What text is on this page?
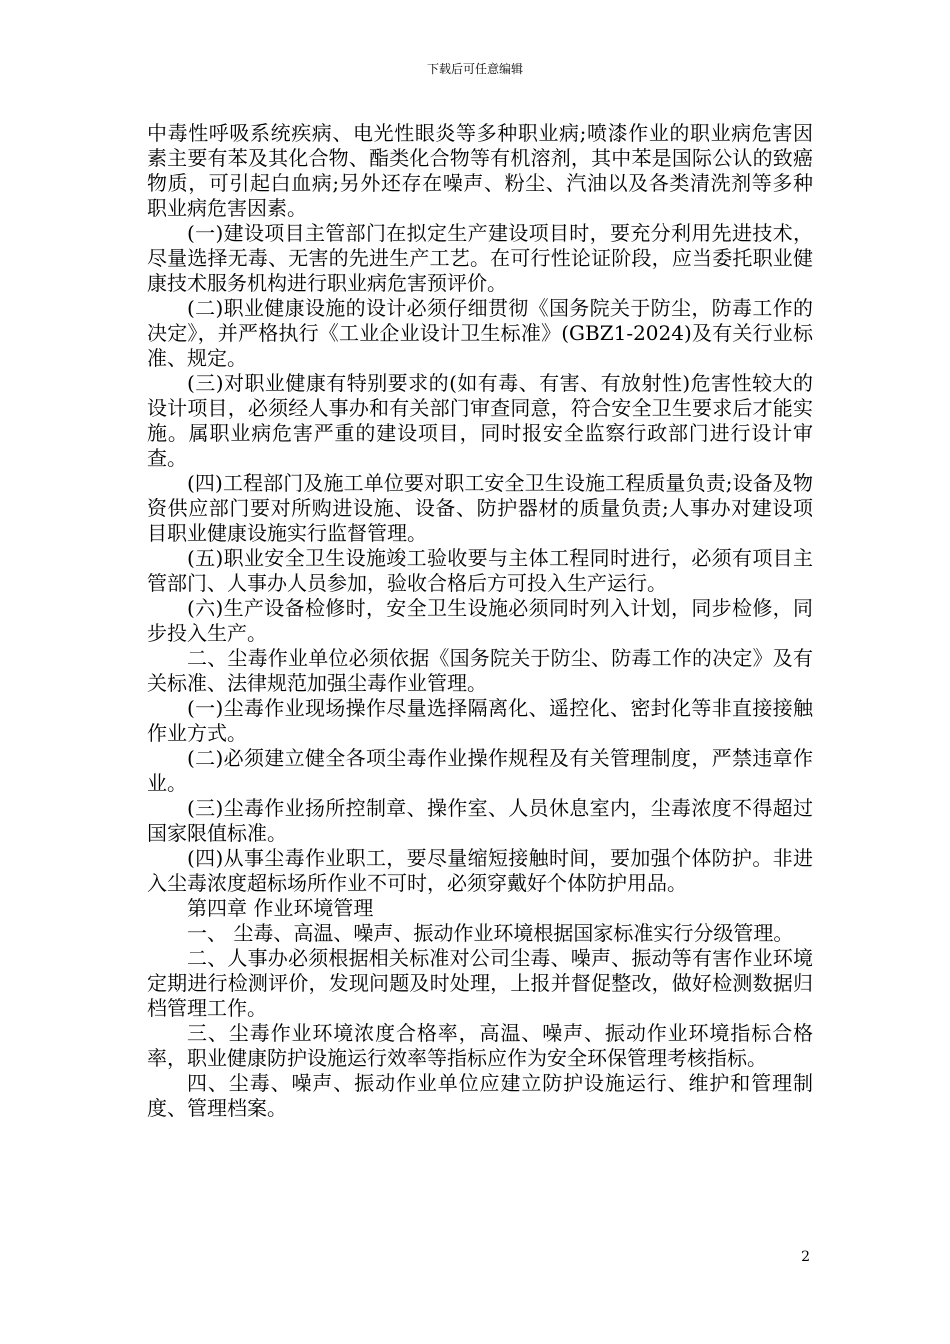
下载后可任意编辑

中毒性呼吸系统疾病、电光性眼炎等多种职业病;喷漆作业的职业病危害因素主要有苯及其化合物、酯类化合物等有机溶剂，其中苯是国际公认的致癌物质，可引起白血病;另外还存在噪声、粉尘、汽油以及各类清洗剂等多种职业病危害因素。

(一)建设项目主管部门在拟定生产建设项目时，要充分利用先进技术，尽量选择无毒、无害的先进生产工艺。在可行性论证阶段，应当委托职业健康技术服务机构进行职业病危害预评价。

(二)职业健康设施的设计必须仔细贯彻《国务院关于防尘，防毒工作的决定》，并严格执行《工业企业设计卫生标准》(GBZ1-2024)及有关行业标准、规定。

(三)对职业健康有特别要求的(如有毒、有害、有放射性)危害性较大的设计项目，必须经人事办和有关部门审查同意，符合安全卫生要求后才能实施。属职业病危害严重的建设项目，同时报安全监察行政部门进行设计审查。

(四)工程部门及施工单位要对职工安全卫生设施工程质量负责;设备及物资供应部门要对所购进设施、设备、防护器材的质量负责;人事办对建设项目职业健康设施实行监督管理。

(五)职业安全卫生设施竣工验收要与主体工程同时进行，必须有项目主管部门、人事办人员参加，验收合格后方可投入生产运行。

(六)生产设备检修时，安全卫生设施必须同时列入计划，同步检修，同步投入生产。

二、尘毒作业单位必须依据《国务院关于防尘、防毒工作的决定》及有关标准、法律规范加强尘毒作业管理。

(一)尘毒作业现场操作尽量选择隔离化、遥控化、密封化等非直接接触作业方式。

(二)必须建立健全各项尘毒作业操作规程及有关管理制度，严禁违章作业。

(三)尘毒作业扬所控制章、操作室、人员休息室内，尘毒浓度不得超过国家限值标准。

(四)从事尘毒作业职工，要尽量缩短接触时间，要加强个体防护。非进入尘毒浓度超标场所作业不可时，必须穿戴好个体防护用品。

第四章 作业环境管理

一、 尘毒、高温、噪声、振动作业环境根据国家标准实行分级管理。

二、人事办必须根据相关标准对公司尘毒、噪声、振动等有害作业环境定期进行检测评价，发现问题及时处理，上报并督促整改，做好检测数据归档管理工作。

三、尘毒作业环境浓度合格率，高温、噪声、振动作业环境指标合格率，职业健康防护设施运行效率等指标应作为安全环保管理考核指标。

四、尘毒、噪声、振动作业单位应建立防护设施运行、维护和管理制度、管理档案。

2
